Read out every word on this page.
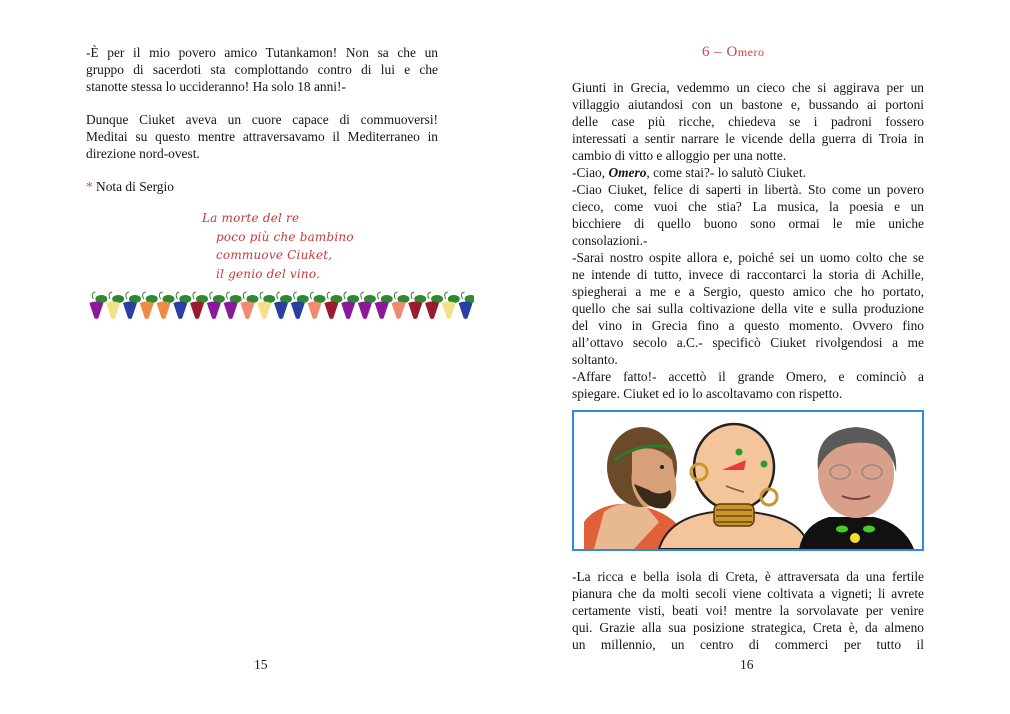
-È per il mio povero amico Tutankamon! Non sa che un
gruppo di sacerdoti sta complottando contro di lui e che
stanotte stessa lo uccideranno! Ha solo 18 anni!-
Dunque Ciuket aveva un cuore capace di commuoversi!
Meditai su questo mentre attraversavamo il Mediterraneo in
direzione nord-ovest.
* Nota di Sergio
La morte del re
poco più che bambino
commuove Ciuket,
il genio del vino.
15
6 – Omero
Giunti in Grecia, vedemmo un cieco che si aggirava per un
villaggio aiutandosi con un bastone e, bussando ai portoni
delle case più ricche, chiedeva se i padroni fossero
interessati a sentir narrare le vicende della guerra di Troia in
cambio di vitto e alloggio per una notte.
-Ciao, Omero, come stai?- lo salutò Ciuket.
-Ciao Ciuket, felice di saperti in libertà. Sto come un povero
cieco, come vuoi che stia? La musica, la poesia e un
bicchiere di quello buono sono ormai le mie uniche
consolazioni.-
-Sarai nostro ospite allora e, poiché sei un uomo colto che se
ne intende di tutto, invece di raccontarci la storia di Achille,
spiegherai a me e a Sergio, questo amico che ho portato,
quello che sai sulla coltivazione della vite e sulla produzione
del vino in Grecia fino a questo momento. Ovvero fino
all’ottavo secolo a.C.- specificò Ciuket rivolgendosi a me
soltanto.
-Affare fatto!- accettò il grande Omero, e cominciò a
spiegare. Ciuket ed io lo ascoltavamo con rispetto.
-La ricca e bella isola di Creta, è attraversata da una fertile
pianura che da molti secoli viene coltivata a vigneti; li avrete
certamente visti, beati voi! mentre la sorvolavate per venire
qui. Grazie alla sua posizione strategica, Creta è, da almeno
un millennio, un centro di commerci per tutto il
16
